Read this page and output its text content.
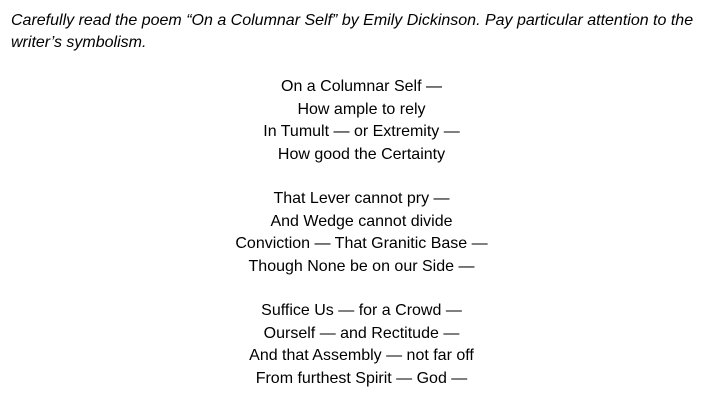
Carefully read the poem “On a Columnar Self” by Emily Dickinson. Pay particular attention to the writer’s symbolism.
On a Columnar Self —
How ample to rely
In Tumult — or Extremity —
How good the Certainty
That Lever cannot pry —
And Wedge cannot divide
Conviction — That Granitic Base —
Though None be on our Side —
Suffice Us — for a Crowd —
Ourself — and Rectitude —
And that Assembly — not far off
From furthest Spirit — God —
